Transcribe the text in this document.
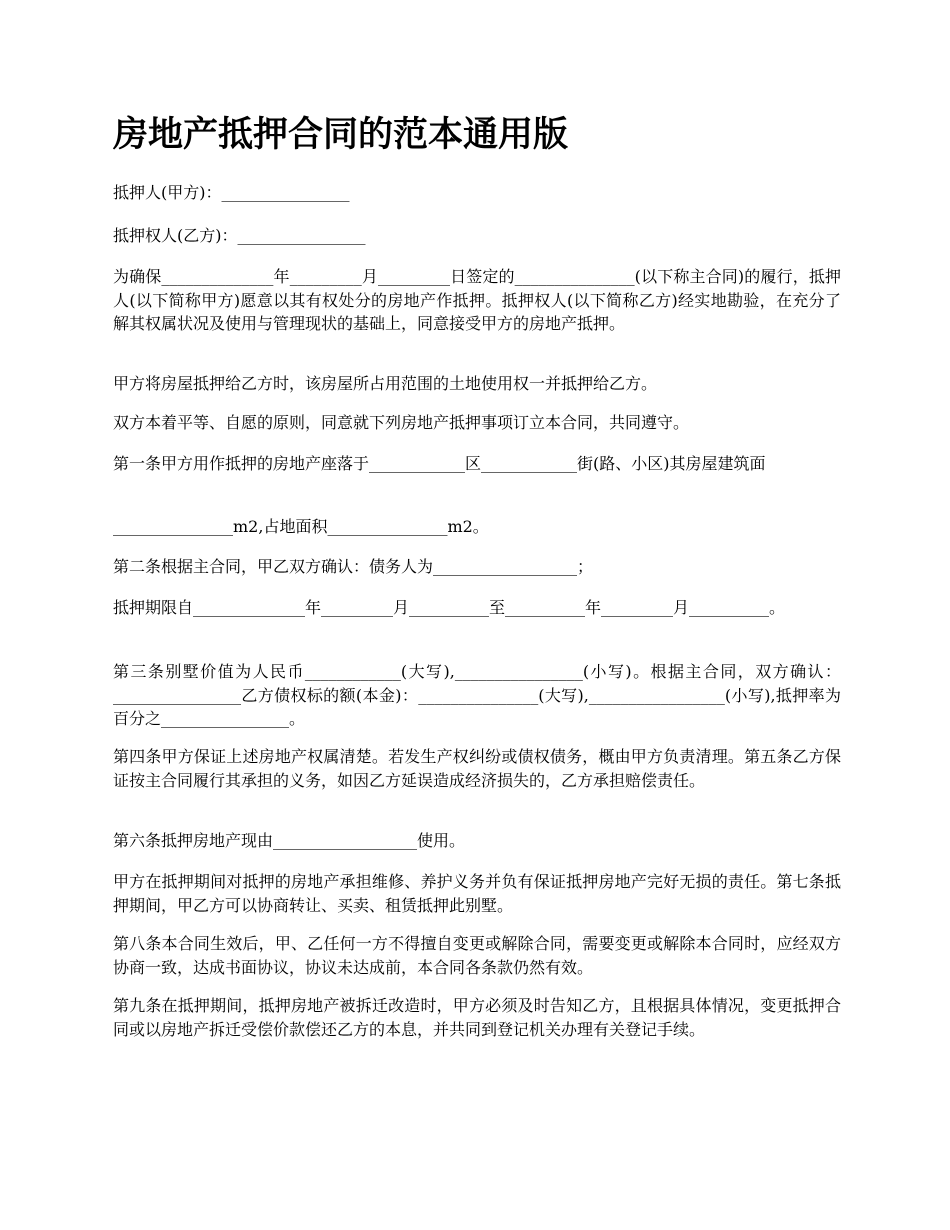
房地产抵押合同的范本通用版

抵押人(甲方)：________________

抵押权人(乙方)：________________

为确保______________年_________月_________日签定的_______________(以下称主合同)的履行，抵押人(以下简称甲方)愿意以其有权处分的房地产作抵押。抵押权人(以下简称乙方)经实地勘验，在充分了解其权属状况及使用与管理现状的基础上，同意接受甲方的房地产抵押。

甲方将房屋抵押给乙方时，该房屋所占用范围的土地使用权一并抵押给乙方。

双方本着平等、自愿的原则，同意就下列房地产抵押事项订立本合同，共同遵守。

第一条甲方用作抵押的房地产座落于____________区____________街(路、小区)其房屋建筑面

_______________m2,占地面积_______________m2。

第二条根据主合同，甲乙双方确认：债务人为__________________；

抵押期限自______________年_________月__________至__________年_________月__________。

第三条别墅价值为人民币____________(大写),________________(小写)。根据主合同，双方确认：________________乙方债权标的额(本金)：_______________(大写),_________________(小写),抵押率为百分之________________。

第四条甲方保证上述房地产权属清楚。若发生产权纠纷或债权债务，概由甲方负责清理。第五条乙方保证按主合同履行其承担的义务，如因乙方延误造成经济损失的，乙方承担赔偿责任。

第六条抵押房地产现由__________________使用。

甲方在抵押期间对抵押的房地产承担维修、养护义务并负有保证抵押房地产完好无损的责任。第七条抵押期间，甲乙方可以协商转让、买卖、租赁抵押此别墅。

第八条本合同生效后，甲、乙任何一方不得擅自变更或解除合同，需要变更或解除本合同时，应经双方协商一致，达成书面协议，协议未达成前，本合同各条款仍然有效。

第九条在抵押期间，抵押房地产被拆迁改造时，甲方必须及时告知乙方，且根据具体情况，变更抵押合同或以房地产拆迁受偿价款偿还乙方的本息，并共同到登记机关办理有关登记手续。
